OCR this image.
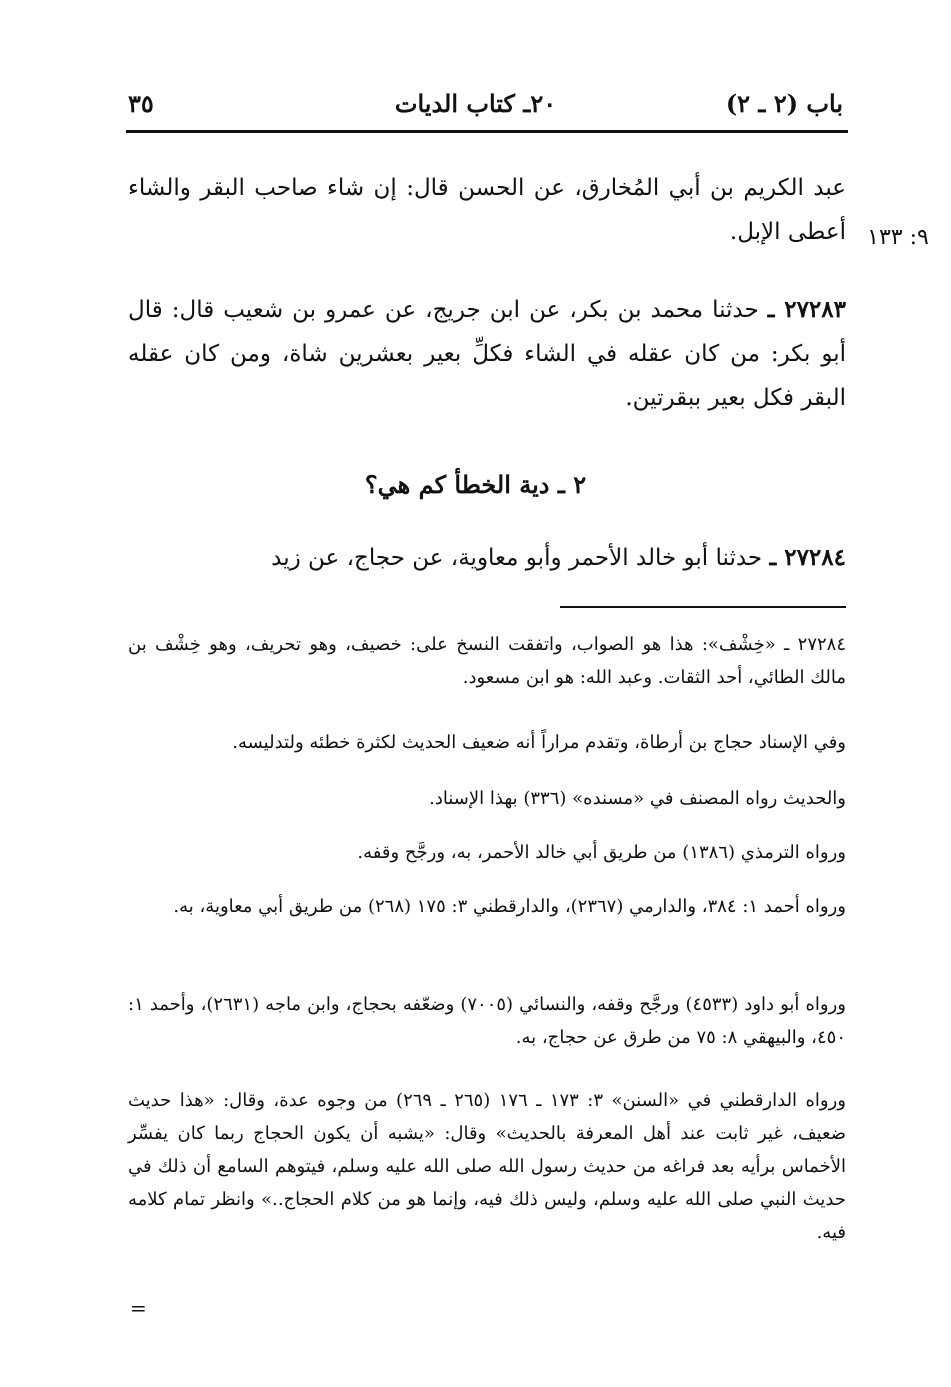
باب (٢ ـ ٢)
٢٠ـ كتاب الديات
٣٥

عبد الكريم بن أبي المُخارق، عن الحسن قال: إن شاء صاحب البقر والشاء أعطى الإبل. ٩: ١٣٣

٢٧٢٨٣ ـ حدثنا محمد بن بكر، عن ابن جريج، عن عمرو بن شعيب قال: قال أبو بكر: من كان عقله في الشاء فكلِّ بعير بعشرين شاة، ومن كان عقله البقر فكل بعير ببقرتين.

٢ ـ دية الخطأ كم هي؟

٢٧٢٨٤ ـ حدثنا أبو خالد الأحمر وأبو معاوية، عن حجاج، عن زيد

٢٧٢٨٤ ـ «خِشْف»: هذا هو الصواب، واتفقت النسخ على: خصيف، وهو تحريف، وهو خِشْف بن مالك الطائي، أحد الثقات. وعبد الله: هو ابن مسعود.

وفي الإسناد حجاج بن أرطاة، وتقدم مراراً أنه ضعيف الحديث لكثرة خطئه ولتدليسه.

والحديث رواه المصنف في «مسنده» (٣٣٦) بهذا الإسناد.

ورواه الترمذي (١٣٨٦) من طريق أبي خالد الأحمر، به، ورجَّح وقفه.

ورواه أحمد ١: ٣٨٤، والدارمي (٢٣٦٧)، والدارقطني ٣: ١٧٥ (٢٦٨) من طريق أبي معاوية، به.

ورواه أبو داود (٤٥٣٣) ورجَّح وقفه، والنسائي (٧٠٠٥) وضعّفه بحجاج، وابن ماجه (٢٦٣١)، وأحمد ١: ٤٥٠، والبيهقي ٨: ٧٥ من طرق عن حجاج، به.

ورواه الدارقطني في «السنن» ٣: ١٧٣ ـ ١٧٦ (٢٦٥ ـ ٢٦٩) من وجوه عدة، وقال: «هذا حديث ضعيف، غير ثابت عند أهل المعرفة بالحديث» وقال: «يشبه أن يكون الحجاج ربما كان يفسِّر الأخماس برأيه بعد فراغه من حديث رسول الله صلى الله عليه وسلم، فيتوهم السامع أن ذلك في حديث النبي صلى الله عليه وسلم، وليس ذلك فيه، وإنما هو من كلام الحجاج..» وانظر تمام كلامه فيه.

=
